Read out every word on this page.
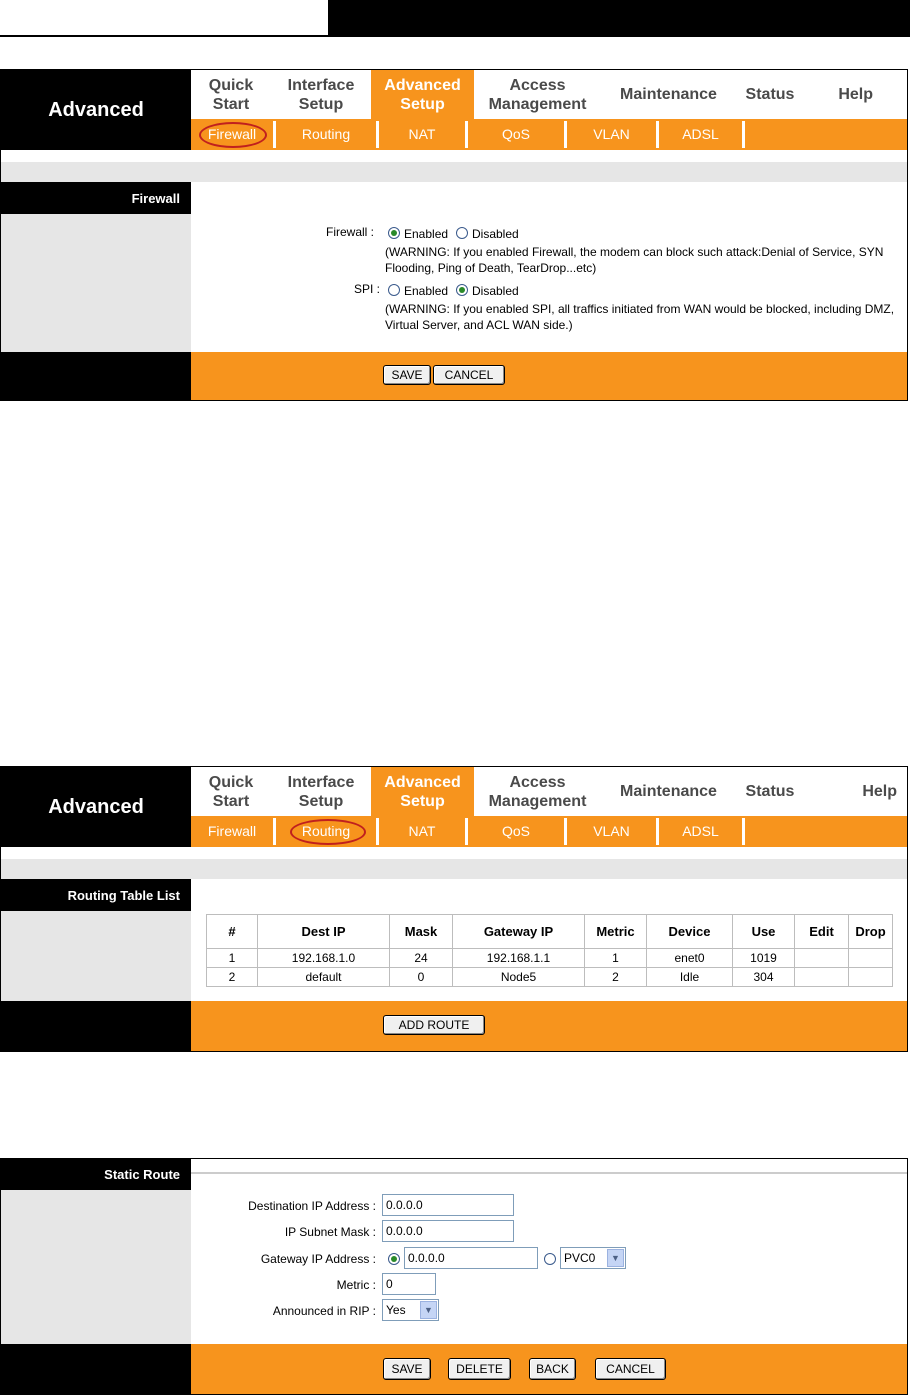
Advanced
Quick
Start
Interface
Setup
Advanced
Setup
Access
Management
Maintenance	Status	Help
Firewall	Routing	NAT	QoS	VLAN	ADSL
Firewall
Firewall : Enabled Disabled
(WARNING: If you enabled Firewall, the modem can block such attack:Denial of Service, SYN Flooding, Ping of Death, TearDrop...etc)
SPI : Enabled Disabled
(WARNING: If you enabled SPI, all traffics initiated from WAN would be blocked, including DMZ, Virtual Server, and ACL WAN side.)
SAVE	CANCEL
Advanced
Quick
Start
Interface
Setup
Advanced
Setup
Access
Management
Maintenance	Status	Help
Firewall	Routing	NAT	QoS	VLAN	ADSL
Routing Table List
#	Dest IP	Mask	Gateway IP	Metric	Device	Use	Edit	Drop
1	192.168.1.0	24	192.168.1.1	1	enet0	1019		
2	default	0	Node5	2	Idle	304		
ADD ROUTE
Static Route
Destination IP Address : 0.0.0.0
IP Subnet Mask : 0.0.0.0
Gateway IP Address :	0.0.0.0	PVC0	▼
Metric : 0
Announced in RIP : Yes	▼
SAVE	DELETE	BACK	CANCEL
